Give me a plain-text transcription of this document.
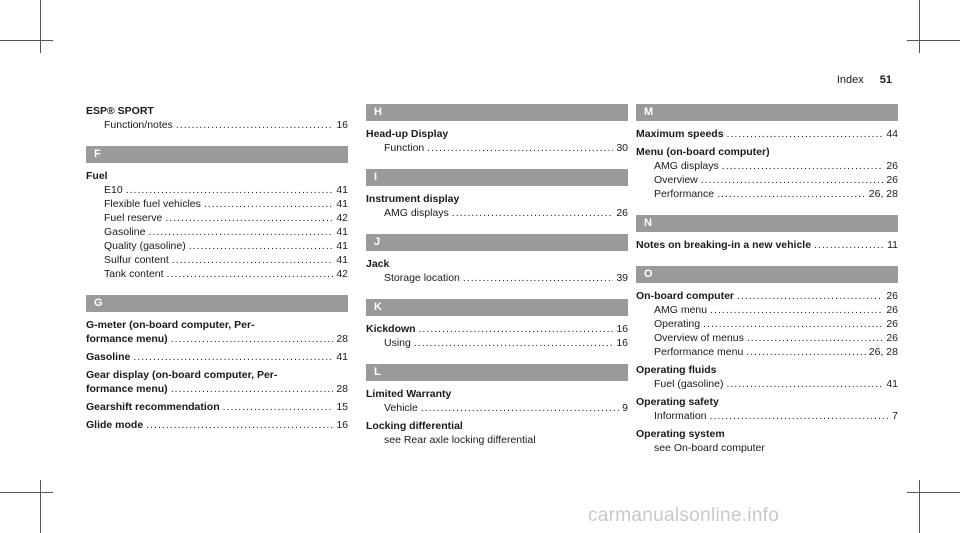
Index 51
ESP® SPORT
Function/notes .....	16
F
Fuel
E10 .....	41
Flexible fuel vehicles .....	41
Fuel reserve .....	42
Gasoline .....	41
Quality (gasoline) .....	41
Sulfur content .....	41
Tank content .....	42
G
G-meter (on-board computer, Per-
formance menu) .....	28
Gasoline .....	41
Gear display (on-board computer, Per-
formance menu) .....	28
Gearshift recommendation .....	15
Glide mode .....	16
H
Head-up Display
Function .....	30
I
Instrument display
AMG displays .....	26
J
Jack
Storage location .....	39
K
Kickdown .....	16
Using .....	16
L
Limited Warranty
Vehicle .....	9
Locking differential
see Rear axle locking differential
M
Maximum speeds .....	44
Menu (on-board computer)
AMG displays .....	26
Overview .....	26
Performance .....	26, 28
N
Notes on breaking-in a new vehicle .....	11
O
On-board computer .....	26
AMG menu .....	26
Operating .....	26
Overview of menus .....	26
Performance menu .....	26, 28
Operating fluids
Fuel (gasoline) .....	41
Operating safety
Information .....	7
Operating system
see On-board computer
carmanualsonline.info
